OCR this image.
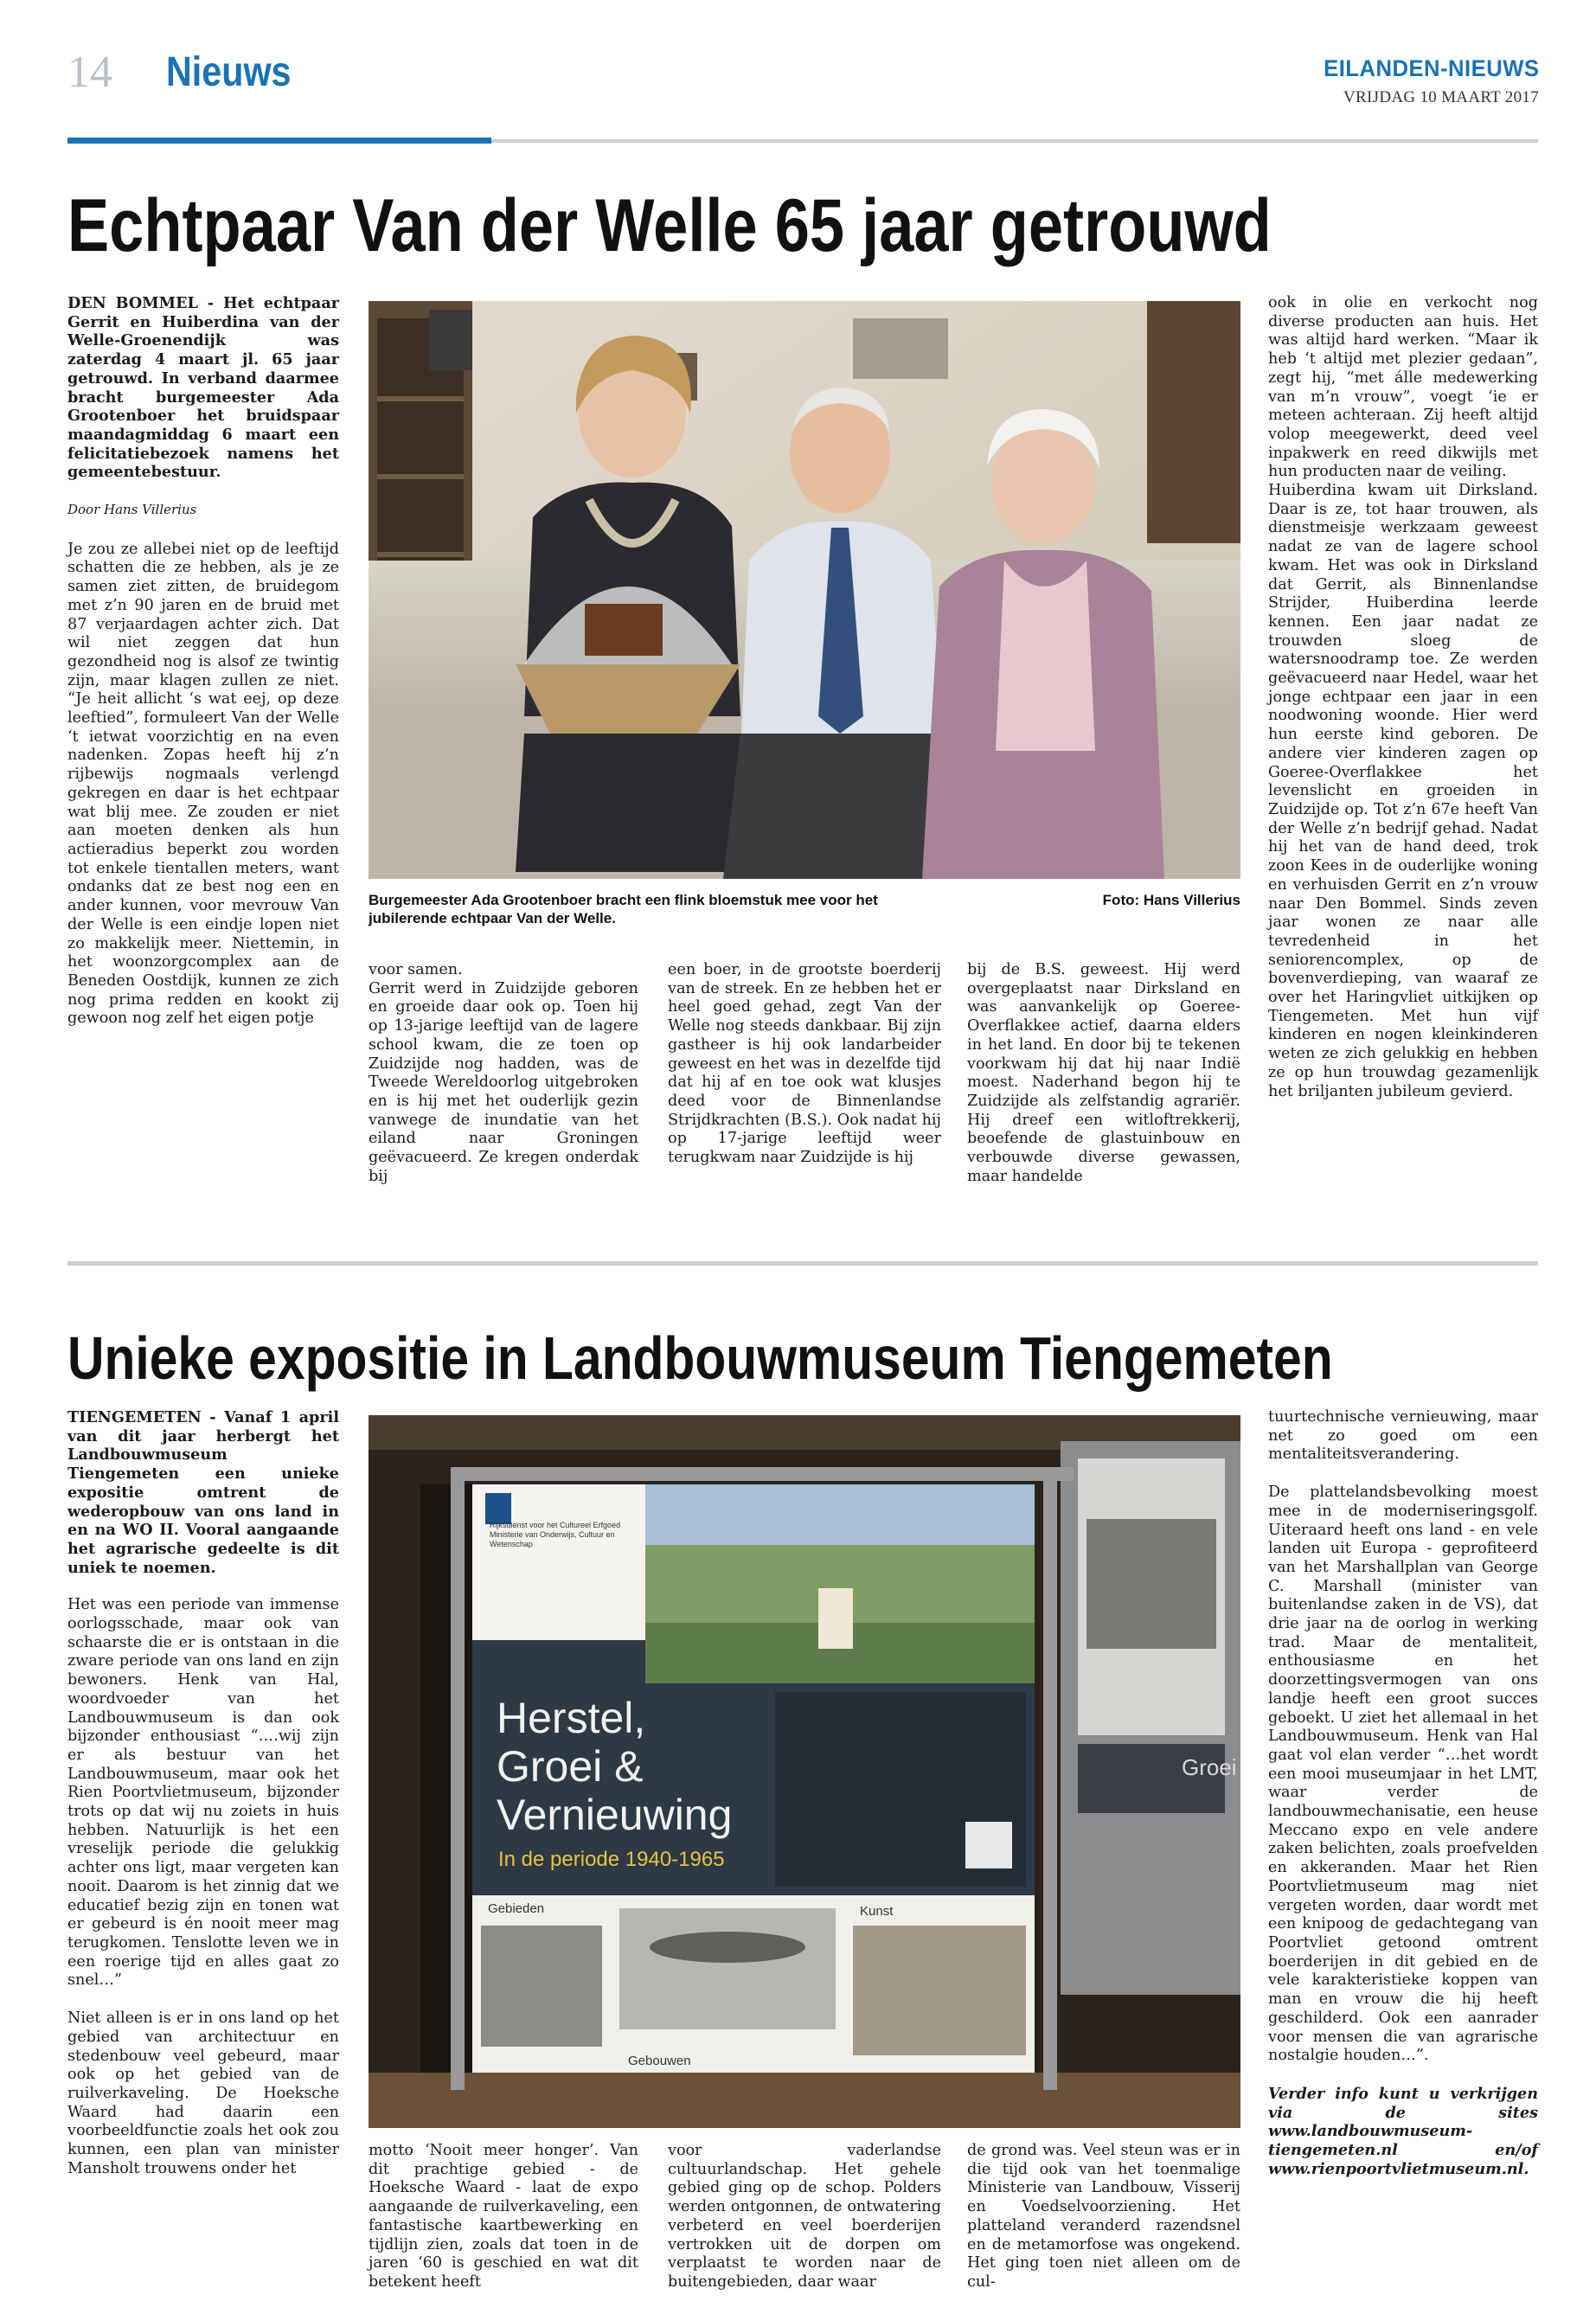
14 Nieuws	EILANDEN-NIEUWS
VRIJDAG 10 MAART 2017
Echtpaar Van der Welle 65 jaar getrouwd

DEN BOMMEL - Het echtpaar Gerrit en Huiberdina van der Welle-Groenendijk was zaterdag 4 maart jl. 65 jaar getrouwd. In verband daarmee bracht burgemeester Ada Grootenboer het bruidspaar maandagmiddag 6 maart een felicitatiebezoek namens het gemeentebestuur.

Door Hans Villerius

Je zou ze allebei niet op de leeftijd schatten die ze hebben, als je ze samen ziet zitten, de bruidegom met z’n 90 jaren en de bruid met 87 verjaardagen achter zich. Dat wil niet zeggen dat hun gezondheid nog is alsof ze twintig zijn, maar klagen zullen ze niet. “Je heit allicht ‘s wat eej, op deze leeftied”, formuleert Van der Welle ‘t ietwat voorzichtig en na even nadenken. Zopas heeft hij z’n rijbewijs nogmaals verlengd gekregen en daar is het echtpaar wat blij mee. Ze zouden er niet aan moeten denken als hun actieradius beperkt zou worden tot enkele tientallen meters, want ondanks dat ze best nog een en ander kunnen, voor mevrouw Van der Welle is een eindje lopen niet zo makkelijk meer. Niettemin, in het woonzorgcomplex aan de Beneden Oostdijk, kunnen ze zich nog prima redden en kookt zij gewoon nog zelf het eigen potje

Burgemeester Ada Grootenboer bracht een flink bloemstuk mee voor het jubilerende echtpaar Van der Welle.
Foto: Hans Villerius
voor samen.
Gerrit werd in Zuidzijde geboren en groeide daar ook op. Toen hij op 13-jarige leeftijd van de lagere school kwam, die ze toen op Zuidzijde nog hadden, was de Tweede Wereldoorlog uitgebroken en is hij met het ouderlijk gezin vanwege de inundatie van het eiland naar Groningen geëvacueerd. Ze kregen onderdak bij
een boer, in de grootste boerderij van de streek. En ze hebben het er heel goed gehad, zegt Van der Welle nog steeds dankbaar. Bij zijn gastheer is hij ook landarbeider geweest en het was in dezelfde tijd dat hij af en toe ook wat klusjes deed voor de Binnenlandse Strijdkrachten (B.S.). Ook nadat hij op 17-jarige leeftijd weer terugkwam naar Zuidzijde is hij
bij de B.S. geweest. Hij werd overgeplaatst naar Dirksland en was aanvankelijk op Goeree-Overflakkee actief, daarna elders in het land. En door bij te tekenen voorkwam hij dat hij naar Indië moest. Naderhand begon hij te Zuidzijde als zelfstandig agrariër. Hij dreef een witloftrekkerij, beoefende de glastuinbouw en verbouwde diverse gewassen, maar handelde
ook in olie en verkocht nog diverse producten aan huis. Het was altijd hard werken. “Maar ik heb ‘t altijd met plezier gedaan”, zegt hij, “met álle medewerking van m’n vrouw”, voegt ‘ie er meteen achteraan. Zij heeft altijd volop meegewerkt, deed veel inpakwerk en reed dikwijls met hun producten naar de veiling.
Huiberdina kwam uit Dirksland. Daar is ze, tot haar trouwen, als dienstmeisje werkzaam geweest nadat ze van de lagere school kwam. Het was ook in Dirksland dat Gerrit, als Binnenlandse Strijder, Huiberdina leerde kennen. Een jaar nadat ze trouwden sloeg de watersnoodramp toe. Ze werden geëvacueerd naar Hedel, waar het jonge echtpaar een jaar in een noodwoning woonde. Hier werd hun eerste kind geboren. De andere vier kinderen zagen op Goeree-Overflakkee het levenslicht en groeiden in Zuidzijde op. Tot z’n 67e heeft Van der Welle z’n bedrijf gehad. Nadat hij het van de hand deed, trok zoon Kees in de ouderlijke woning en verhuisden Gerrit en z’n vrouw naar Den Bommel. Sinds zeven jaar wonen ze naar alle tevredenheid in het seniorencomplex, op de bovenverdieping, van waaraf ze over het Haringvliet uitkijken op Tiengemeten. Met hun vijf kinderen en nogen kleinkinderen weten ze zich gelukkig en hebben ze op hun trouwdag gezamenlijk het briljanten jubileum gevierd.
Unieke expositie in Landbouwmuseum Tiengemeten

TIENGEMETEN - Vanaf 1 april van dit jaar herbergt het Landbouwmuseum Tiengemeten een unieke expositie omtrent de wederopbouw van ons land in en na WO II. Vooral aangaande het agrarische gedeelte is dit uniek te noemen.

Het was een periode van immense oorlogsschade, maar ook van schaarste die er is ontstaan in die zware periode van ons land en zijn bewoners. Henk van Hal, woordvoeder van het Landbouwmuseum is dan ook bijzonder enthousiast “….wij zijn er als bestuur van het Landbouwmuseum, maar ook het Rien Poortvlietmuseum, bijzonder trots op dat wij nu zoiets in huis hebben. Natuurlijk is het een vreselijk periode die gelukkig achter ons ligt, maar vergeten kan nooit. Daarom is het zinnig dat we educatief bezig zijn en tonen wat er gebeurd is én nooit meer mag terugkomen. Tenslotte leven we in een roerige tijd en alles gaat zo snel…”

Niet alleen is er in ons land op het gebied van architectuur en stedenbouw veel gebeurd, maar ook op het gebied van de ruilverkaveling. De Hoeksche Waard had daarin een voorbeeldfunctie zoals het ook zou kunnen, een plan van minister Mansholt trouwens onder het

Rijksdienst voor het Cultureel Erfgoed
Ministerie van Onderwijs, Cultuur en Wetenschap
Herstel,
Groei &
Vernieuwing
In de periode 1940-1965
Gebieden
Gebouwen
Kunst
Groei
motto ‘Nooit meer honger’. Van dit prachtige gebied - de Hoeksche Waard - laat de expo aangaande de ruilverkaveling, een fantastische kaartbewerking en tijdlijn zien, zoals dat toen in de jaren ‘60 is geschied en wat dit betekent heeft
voor vaderlandse cultuurlandschap. Het gehele gebied ging op de schop. Polders werden ontgonnen, de ontwatering verbeterd en veel boerderijen vertrokken uit de dorpen om verplaatst te worden naar de buitengebieden, daar waar
de grond was. Veel steun was er in die tijd ook van het toenmalige Ministerie van Landbouw, Visserij en Voedselvoorziening. Het platteland veranderd razendsnel en de metamorfose was ongekend. Het ging toen niet alleen om de cul-

tuurtechnische vernieuwing, maar net zo goed om een mentaliteitsverandering.

De plattelandsbevolking moest mee in de moderniseringsgolf. Uiteraard heeft ons land - en vele landen uit Europa - geprofiteerd van het Marshallplan van George C. Marshall (minister van buitenlandse zaken in de VS), dat drie jaar na de oorlog in werking trad. Maar de mentaliteit, enthousiasme en het doorzettingsvermogen van ons landje heeft een groot succes geboekt. U ziet het allemaal in het Landbouwmuseum. Henk van Hal gaat vol elan verder “…het wordt een mooi museumjaar in het LMT, waar verder de landbouwmechanisatie, een heuse Meccano expo en vele andere zaken belichten, zoals proefvelden en akkeranden. Maar het Rien Poortvlietmuseum mag niet vergeten worden, daar wordt met een knipoog de gedachtegang van Poortvliet getoond omtrent boerderijen in dit gebied en de vele karakteristieke koppen van man en vrouw die hij heeft geschilderd. Ook een aanrader voor mensen die van agrarische nostalgie houden…”.

Verder info kunt u verkrijgen via de sites www.landbouwmuseum-tiengemeten.nl en/of www.rienpoortvlietmuseum.nl.
